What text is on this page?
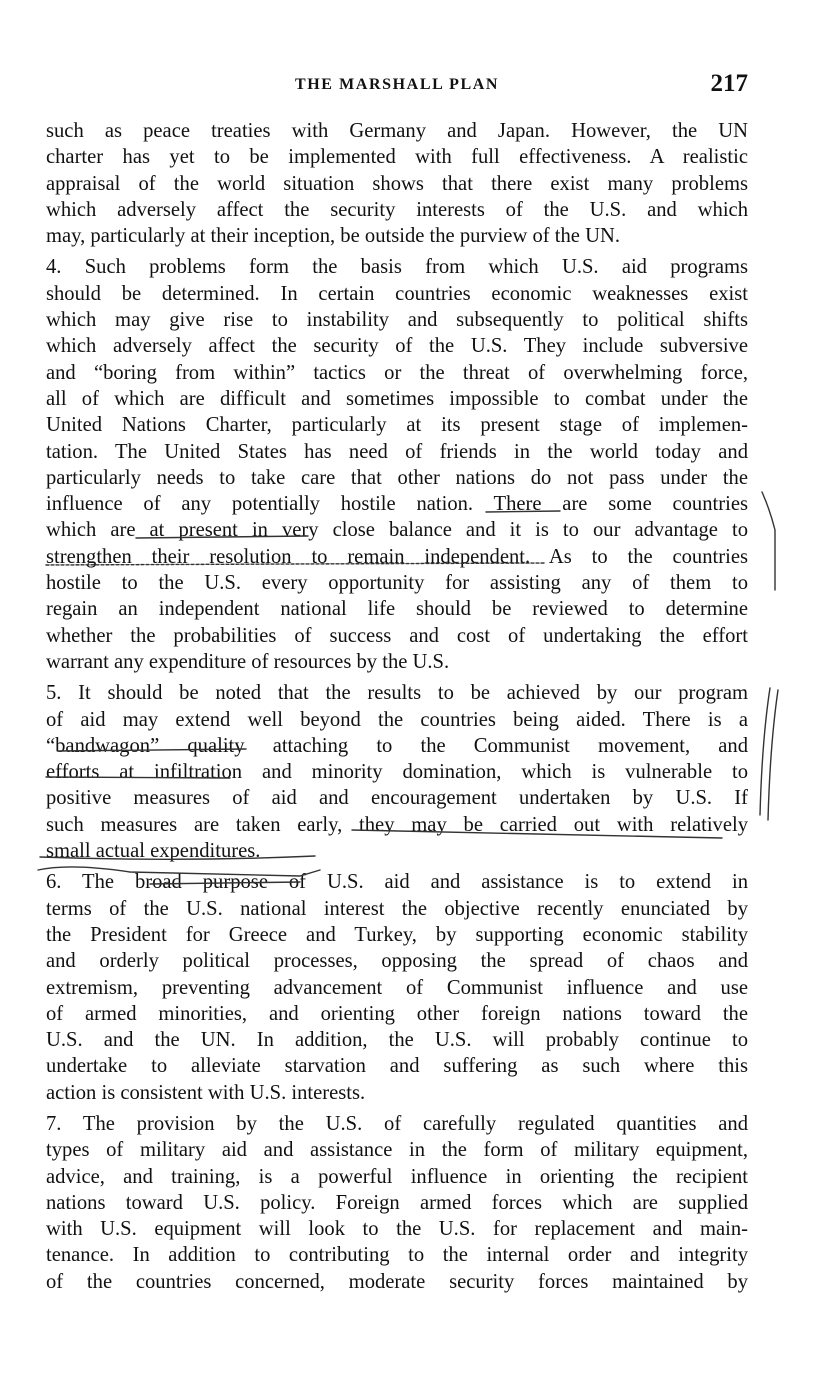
THE MARSHALL PLAN	217
such as peace treaties with Germany and Japan. However, the UN
charter has yet to be implemented with full effectiveness. A realistic
appraisal of the world situation shows that there exist many problems
which adversely affect the security interests of the U.S. and which
may, particularly at their inception, be outside the purview of the UN.
4. Such problems form the basis from which U.S. aid programs
should be determined. In certain countries economic weaknesses exist
which may give rise to instability and subsequently to political shifts
which adversely affect the security of the U.S. They include subversive
and “boring from within” tactics or the threat of overwhelming force,
all of which are difficult and sometimes impossible to combat under the
United Nations Charter, particularly at its present stage of implemen-
tation. The United States has need of friends in the world today and
particularly needs to take care that other nations do not pass under the
influence of any potentially hostile nation. There are some countries
which are at present in very close balance and it is to our advantage to
strengthen their resolution to remain independent. As to the countries
hostile to the U.S. every opportunity for assisting any of them to
regain an independent national life should be reviewed to determine
whether the probabilities of success and cost of undertaking the effort
warrant any expenditure of resources by the U.S.
5. It should be noted that the results to be achieved by our program
of aid may extend well beyond the countries being aided. There is a
“bandwagon” quality attaching to the Communist movement, and
efforts at infiltration and minority domination, which is vulnerable to
positive measures of aid and encouragement undertaken by U.S. If
such measures are taken early, they may be carried out with relatively
small actual expenditures.
6. The broad purpose of U.S. aid and assistance is to extend in
terms of the U.S. national interest the objective recently enunciated by
the President for Greece and Turkey, by supporting economic stability
and orderly political processes, opposing the spread of chaos and
extremism, preventing advancement of Communist influence and use
of armed minorities, and orienting other foreign nations toward the
U.S. and the UN. In addition, the U.S. will probably continue to
undertake to alleviate starvation and suffering as such where this
action is consistent with U.S. interests.
7. The provision by the U.S. of carefully regulated quantities and
types of military aid and assistance in the form of military equipment,
advice, and training, is a powerful influence in orienting the recipient
nations toward U.S. policy. Foreign armed forces which are supplied
with U.S. equipment will look to the U.S. for replacement and main-
tenance. In addition to contributing to the internal order and integrity
of the countries concerned, moderate security forces maintained by
